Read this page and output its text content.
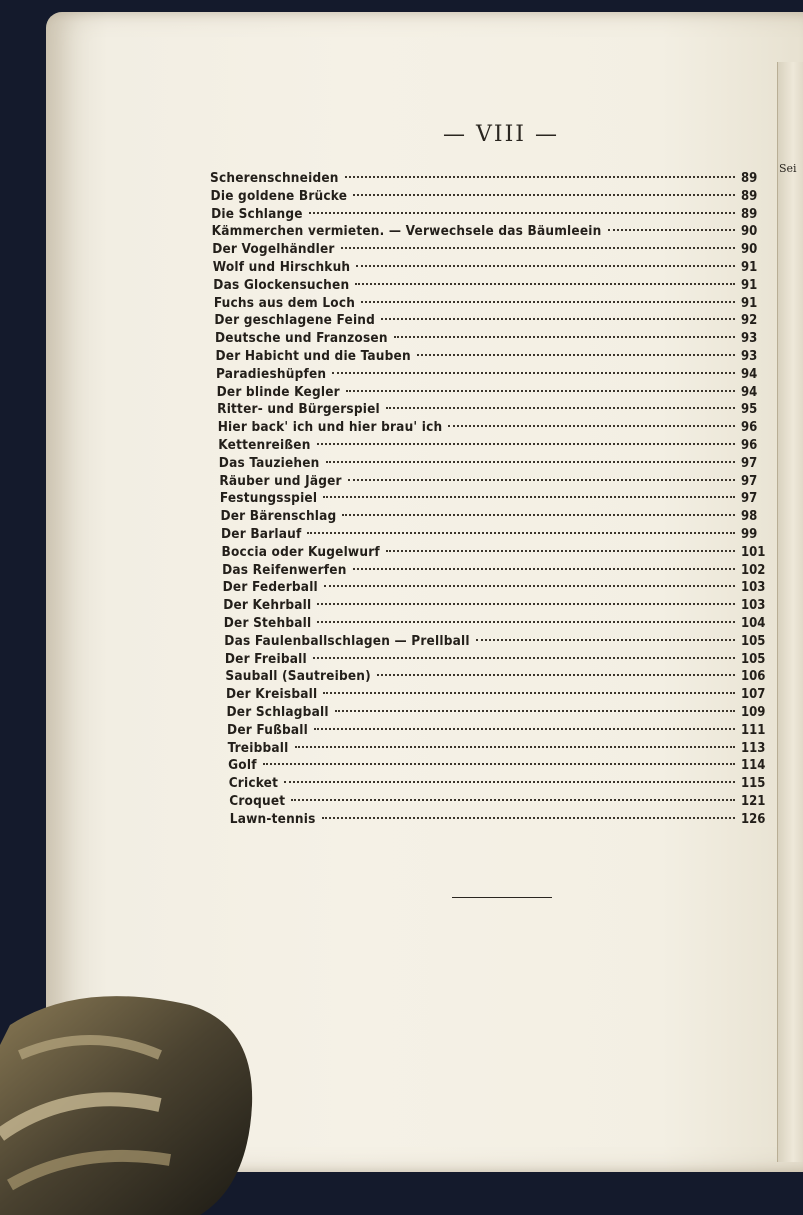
— VIII —
Sei
Scherenschneiden	89
Die goldene Brücke	89
Die Schlange	89
Kämmerchen vermieten. — Verwechsele das Bäumleein	90
Der Vogelhändler	90
Wolf und Hirschkuh	91
Das Glockensuchen	91
Fuchs aus dem Loch	91
Der geschlagene Feind	92
Deutsche und Franzosen	93
Der Habicht und die Tauben	93
Paradieshüpfen	94
Der blinde Kegler	94
Ritter- und Bürgerspiel	95
Hier back' ich und hier brau' ich	96
Kettenreißen	96
Das Tauziehen	97
Räuber und Jäger	97
Festungsspiel	97
Der Bärenschlag	98
Der Barlauf	99
Boccia oder Kugelwurf	101
Das Reifenwerfen	102
Der Federball	103
Der Kehrball	103
Der Stehball	104
Das Faulenballschlagen — Prellball	105
Der Freiball	105
Sauball (Sautreiben)	106
Der Kreisball	107
Der Schlagball	109
Der Fußball	111
Treibball	113
Golf	114
Cricket	115
Croquet	121
Lawn-tennis	126
